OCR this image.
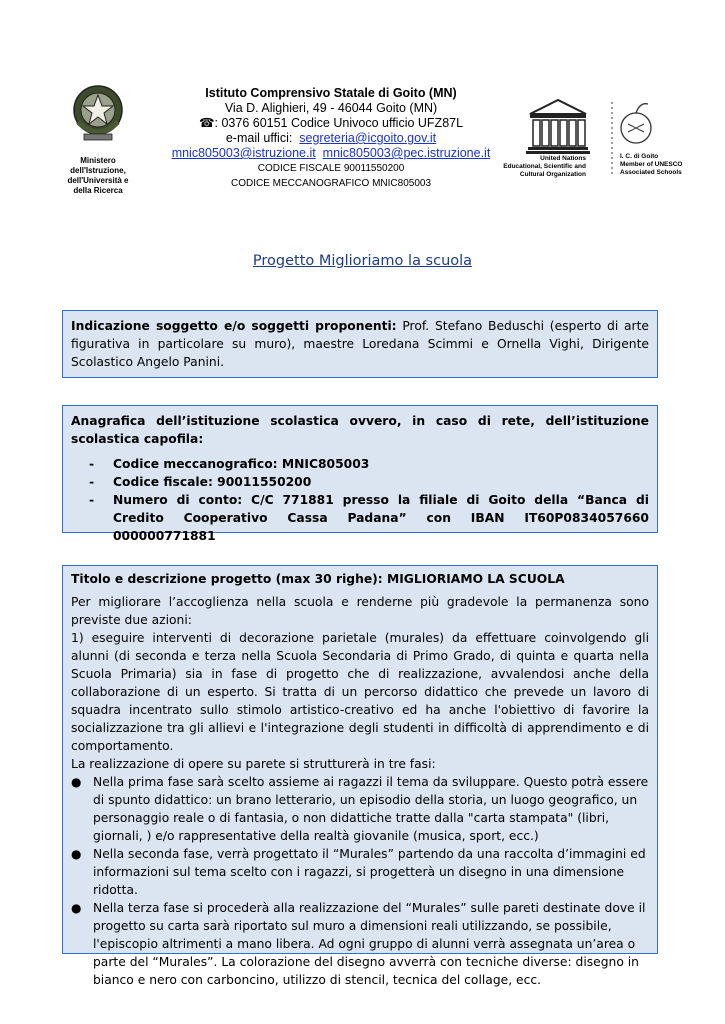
Ministero
dell'Istruzione,
dell'Università e
della Ricerca
Istituto Comprensivo Statale di Goito (MN)
Via D. Alighieri, 49 - 46044 Goito (MN)
☎: 0376 60151 Codice Univoco ufficio UFZ87L
e-mail uffici: segreteria@icgoito.gov.it
mnic805003@istruzione.it mnic805003@pec.istruzione.it
CODICE FISCALE 90011550200
CODICE MECCANOGRAFICO MNIC805003
United Nations
Educational, Scientific and
Cultural Organization
I. C. di Goito
Member of UNESCO
Associated Schools
Progetto Miglioriamo la scuola
Indicazione soggetto e/o soggetti proponenti: Prof. Stefano Beduschi (esperto di arte figurativa in particolare su muro), maestre Loredana Scimmi e Ornella Vighi, Dirigente Scolastico Angelo Panini.
Anagrafica dell’istituzione scolastica ovvero, in caso di rete, dell’istituzione scolastica capofila:
-	Codice meccanografico: MNIC805003
-	Codice fiscale: 90011550200
-	Numero di conto: C/C 771881 presso la filiale di Goito della “Banca di Credito Cooperativo Cassa Padana” con IBAN IT60P0834057660 000000771881
Titolo e descrizione progetto (max 30 righe): MIGLIORIAMO LA SCUOLA

Per migliorare l’accoglienza nella scuola e renderne più gradevole la permanenza sono previste due azioni:

1) eseguire interventi di decorazione parietale (murales) da effettuare coinvolgendo gli alunni (di seconda e terza nella Scuola Secondaria di Primo Grado, di quinta e quarta nella Scuola Primaria) sia in fase di progetto che di realizzazione, avvalendosi anche della collaborazione di un esperto. Si tratta di un percorso didattico che prevede un lavoro di squadra incentrato sullo stimolo artistico-creativo ed ha anche l'obiettivo di favorire la socializzazione tra gli allievi e l'integrazione degli studenti in difficoltà di apprendimento e di comportamento.

La realizzazione di opere su parete si strutturerà in tre fasi:

● Nella prima fase sarà scelto assieme ai ragazzi il tema da sviluppare. Questo potrà essere di spunto didattico: un brano letterario, un episodio della storia, un luogo geografico, un personaggio reale o di fantasia, o non didattiche tratte dalla "carta stampata" (libri, giornali, ) e/o rappresentative della realtà giovanile (musica, sport, ecc.)
● Nella seconda fase, verrà progettato il “Murales” partendo da una raccolta d’immagini ed informazioni sul tema scelto con i ragazzi, si progetterà un disegno in una dimensione ridotta.
● Nella terza fase si procederà alla realizzazione del “Murales” sulle pareti destinate dove il progetto su carta sarà riportato sul muro a dimensioni reali utilizzando, se possibile, l'episcopio altrimenti a mano libera. Ad ogni gruppo di alunni verrà assegnata un’area o parte del “Murales”. La colorazione del disegno avverrà con tecniche diverse: disegno in bianco e nero con carboncino, utilizzo di stencil, tecnica del collage, ecc.
